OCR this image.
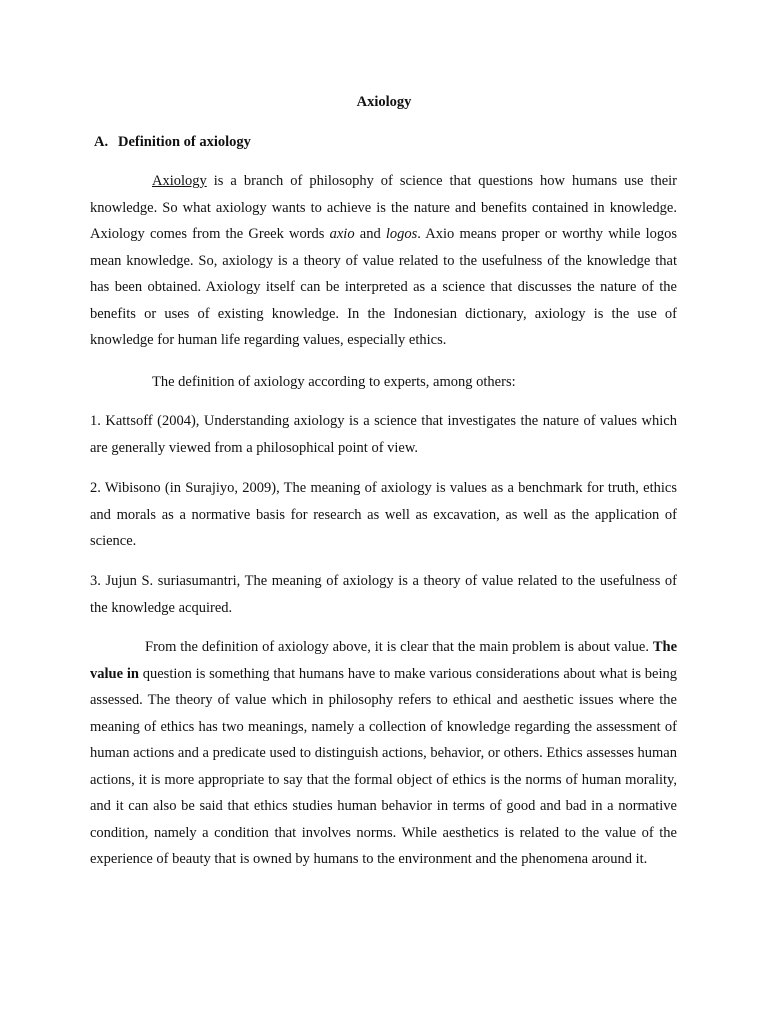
Axiology
A. Definition of axiology

Axiology is a branch of philosophy of science that questions how humans use their knowledge. So what axiology wants to achieve is the nature and benefits contained in knowledge. Axiology comes from the Greek words axio and logos. Axio means proper or worthy while logos mean knowledge. So, axiology is a theory of value related to the usefulness of the knowledge that has been obtained. Axiology itself can be interpreted as a science that discusses the nature of the benefits or uses of existing knowledge. In the Indonesian dictionary, axiology is the use of knowledge for human life regarding values, especially ethics.

The definition of axiology according to experts, among others:

1. Kattsoff (2004), Understanding axiology is a science that investigates the nature of values which are generally viewed from a philosophical point of view.

2. Wibisono (in Surajiyo, 2009), The meaning of axiology is values as a benchmark for truth, ethics and morals as a normative basis for research as well as excavation, as well as the application of science.

3. Jujun S. suriasumantri, The meaning of axiology is a theory of value related to the usefulness of the knowledge acquired.

From the definition of axiology above, it is clear that the main problem is about value. The value in question is something that humans have to make various considerations about what is being assessed. The theory of value which in philosophy refers to ethical and aesthetic issues where the meaning of ethics has two meanings, namely a collection of knowledge regarding the assessment of human actions and a predicate used to distinguish actions, behavior, or others. Ethics assesses human actions, it is more appropriate to say that the formal object of ethics is the norms of human morality, and it can also be said that ethics studies human behavior in terms of good and bad in a normative condition, namely a condition that involves norms. While aesthetics is related to the value of the experience of beauty that is owned by humans to the environment and the phenomena around it.
